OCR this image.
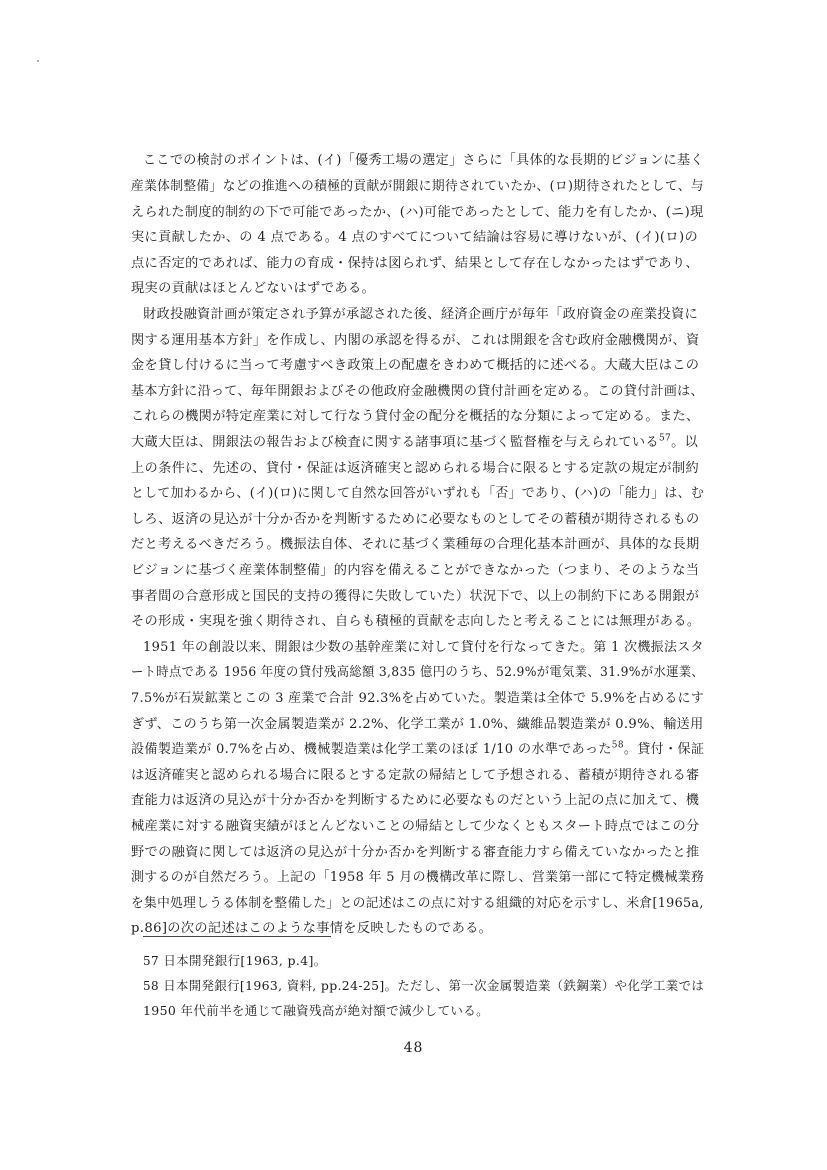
ここでの検討のポイントは、(イ)「優秀工場の選定」さらに「具体的な長期的ビジョンに基く
産業体制整備」などの推進への積極的貢献が開銀に期待されていたか、(ロ)期待されたとして、与
えられた制度的制約の下で可能であったか、(ハ)可能であったとして、能力を有したか、(ニ)現
実に貢献したか、の 4 点である。4 点のすべてについて結論は容易に導けないが、(イ)(ロ)の
点に否定的であれば、能力の育成・保持は図られず、結果として存在しなかったはずであり、
現実の貢献はほとんどないはずである。
財政投融資計画が策定され予算が承認された後、経済企画庁が毎年「政府資金の産業投資に
関する運用基本方針」を作成し、内閣の承認を得るが、これは開銀を含む政府金融機関が、資
金を貸し付けるに当って考慮すべき政策上の配慮をきわめて概括的に述べる。大蔵大臣はこの
基本方針に沿って、毎年開銀およびその他政府金融機関の貸付計画を定める。この貸付計画は、
これらの機関が特定産業に対して行なう貸付金の配分を概括的な分類によって定める。また、
大蔵大臣は、開銀法の報告および検査に関する諸事項に基づく監督権を与えられている$^{57}$。以
上の条件に、先述の、貸付・保証は返済確実と認められる場合に限るとする定款の規定が制約
として加わるから、(イ)(ロ)に関して自然な回答がいずれも「否」であり、(ハ)の「能力」は、む
しろ、返済の見込が十分か否かを判断するために必要なものとしてその蓄積が期待されるもの
だと考えるべきだろう。機振法自体、それに基づく業種毎の合理化基本計画が、具体的な長期
ビジョンに基づく産業体制整備」的内容を備えることができなかった（つまり、そのような当
事者間の合意形成と国民的支持の獲得に失敗していた）状況下で、以上の制約下にある開銀が
その形成・実現を強く期待され、自らも積極的貢献を志向したと考えることには無理がある。
1951 年の創設以来、開銀は少数の基幹産業に対して貸付を行なってきた。第 1 次機振法スタ
ート時点である 1956 年度の貸付残高総額 3,835 億円のうち、52.9%が電気業、31.9%が水運業、
7.5%が石炭鉱業とこの 3 産業で合計 92.3%を占めていた。製造業は全体で 5.9%を占めるにす
ぎず、このうち第一次金属製造業が 2.2%、化学工業が 1.0%、繊維品製造業が 0.9%、輸送用
設備製造業が 0.7%を占め、機械製造業は化学工業のほぼ 1/10 の水準であった$^{58}$。貸付・保証
は返済確実と認められる場合に限るとする定款の帰結として予想される、蓄積が期待される審
査能力は返済の見込が十分か否かを判断するために必要なものだという上記の点に加えて、機
械産業に対する融資実績がほとんどないことの帰結として少なくともスタート時点ではこの分
野での融資に関しては返済の見込が十分か否かを判断する審査能力すら備えていなかったと推
測するのが自然だろう。上記の「1958 年 5 月の機構改革に際し、営業第一部にて特定機械業務
を集中処理しうる体制を整備した」との記述はこの点に対する組織的対応を示すし、米倉[1965a,
p.86]の次の記述はこのような事情を反映したものである。
57 日本開発銀行[1963, p.4]。
58 日本開発銀行[1963, 資料, pp.24-25]。ただし、第一次金属製造業（鉄鋼業）や化学工業では
1950 年代前半を通じて融資残高が絶対額で減少している。
48
